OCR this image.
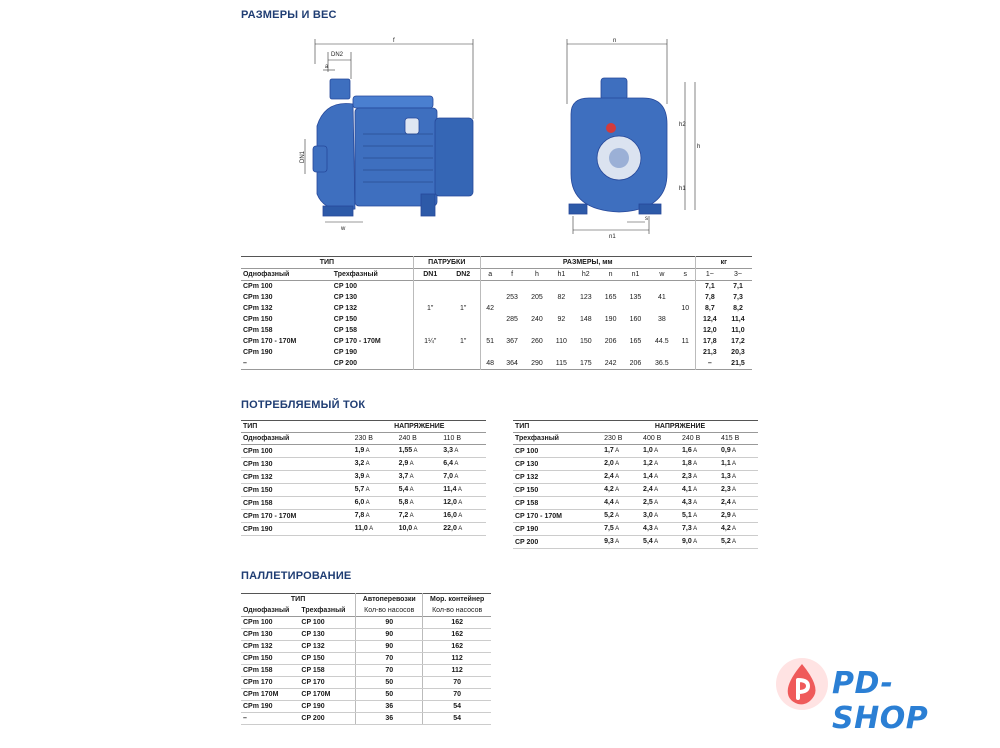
РАЗМЕРЫ И ВЕС
ПОТРЕБЛЯЕМЫЙ ТОК
ПАЛЛЕТИРОВАНИЕ
f
DN2
a
DN1
w
n
h2
h
h1
s
n1
ТИП		ПАТРУБКИ		РАЗМЕРЫ, мм									кг	
Однофазный	Трехфазный	DN1	DN2	a	f	h	h1	h2	n	n1	w	s	1~	3~
CPm 100	CP 100												7,1	7,1
CPm 130	CP 130				253	205	82	123	165	135	41		7,8	7,3
CPm 132	CP 132	1"	1"	42								10	8,7	8,2
CPm 150	CP 150				285	240	92	148	190	160	38		12,4	11,4
CPm 158	CP 158												12,0	11,0
CPm 170 - 170M	CP 170 - 170M	1¼"	1"	51	367	260	110	150	206	165	44.5	11	17,8	17,2
CPm 190	CP 190												21,3	20,3
–	CP 200			48	364	290	115	175	242	206	36.5		–	21,5
ТИП	НАПРЯЖЕНИЕ		
Однофазный	230 В	240 В	110 В
CPm 100	1,9 A	1,55 A	3,3 A
CPm 130	3,2 A	2,9 A	6,4 A
CPm 132	3,9 A	3,7 A	7,0 A
CPm 150	5,7 A	5,4 A	11,4 A
CPm 158	6,0 A	5,8 A	12,0 A
CPm 170 - 170M	7,8 A	7,2 A	16,0 A
CPm 190	11,0 A	10,0 A	22,0 A
ТИП	НАПРЯЖЕНИЕ			
Трехфазный	230 В	400 В	240 В	415 В
CP 100	1,7 A	1,0 A	1,6 A	0,9 A
CP 130	2,0 A	1,2 A	1,8 A	1,1 A
CP 132	2,4 A	1,4 A	2,3 A	1,3 A
CP 150	4,2 A	2,4 A	4,1 A	2,3 A
CP 158	4,4 A	2,5 A	4,3 A	2,4 A
CP 170 - 170M	5,2 A	3,0 A	5,1 A	2,9 A
CP 190	7,5 A	4,3 A	7,3 A	4,2 A
CP 200	9,3 A	5,4 A	9,0 A	5,2 A
ТИП		Автоперевозки	Мор. контейнер
Однофазный	Трехфазный	Кол-во насосов	Кол-во насосов
CPm 100	CP 100	90	162
CPm 130	CP 130	90	162
CPm 132	CP 132	90	162
CPm 150	CP 150	70	112
CPm 158	CP 158	70	112
CPm 170	CP 170	50	70
CPm 170M	CP 170M	50	70
CPm 190	CP 190	36	54
–	CP 200	36	54
PD-SHOP
